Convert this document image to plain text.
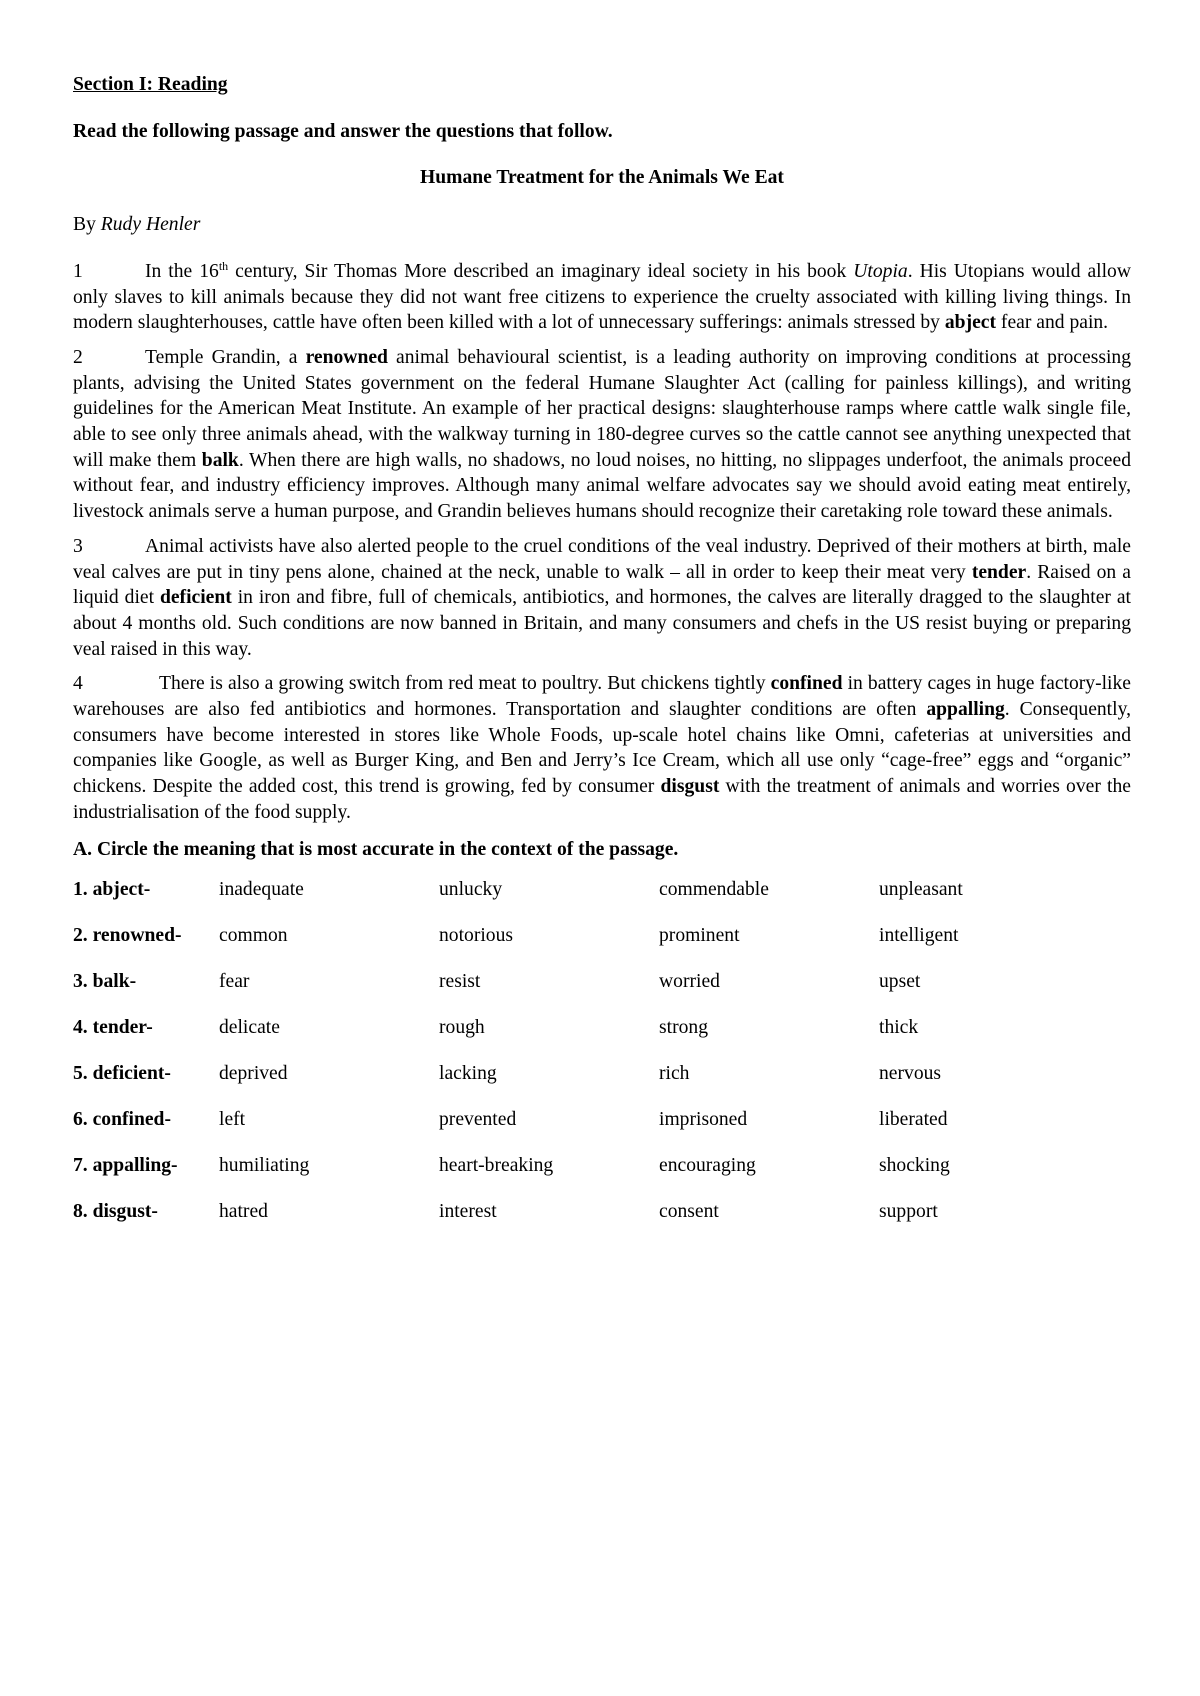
Section I: Reading
Read the following passage and answer the questions that follow.
Humane Treatment for the Animals We Eat
By Rudy Henler

1	In the 16th century, Sir Thomas More described an imaginary ideal society in his book Utopia. His Utopians would allow only slaves to kill animals because they did not want free citizens to experience the cruelty associated with killing living things. In modern slaughterhouses, cattle have often been killed with a lot of unnecessary sufferings: animals stressed by abject fear and pain.

2	Temple Grandin, a renowned animal behavioural scientist, is a leading authority on improving conditions at processing plants, advising the United States government on the federal Humane Slaughter Act (calling for painless killings), and writing guidelines for the American Meat Institute. An example of her practical designs: slaughterhouse ramps where cattle walk single file, able to see only three animals ahead, with the walkway turning in 180-degree curves so the cattle cannot see anything unexpected that will make them balk. When there are high walls, no shadows, no loud noises, no hitting, no slippages underfoot, the animals proceed without fear, and industry efficiency improves. Although many animal welfare advocates say we should avoid eating meat entirely, livestock animals serve a human purpose, and Grandin believes humans should recognize their caretaking role toward these animals.

3	Animal activists have also alerted people to the cruel conditions of the veal industry. Deprived of their mothers at birth, male veal calves are put in tiny pens alone, chained at the neck, unable to walk – all in order to keep their meat very tender. Raised on a liquid diet deficient in iron and fibre, full of chemicals, antibiotics, and hormones, the calves are literally dragged to the slaughter at about 4 months old. Such conditions are now banned in Britain, and many consumers and chefs in the US resist buying or preparing veal raised in this way.

4	There is also a growing switch from red meat to poultry. But chickens tightly confined in battery cages in huge factory-like warehouses are also fed antibiotics and hormones. Transportation and slaughter conditions are often appalling. Consequently, consumers have become interested in stores like Whole Foods, up-scale hotel chains like Omni, cafeterias at universities and companies like Google, as well as Burger King, and Ben and Jerry’s Ice Cream, which all use only “cage-free” eggs and “organic” chickens. Despite the added cost, this trend is growing, fed by consumer disgust with the treatment of animals and worries over the industrialisation of the food supply.

A. Circle the meaning that is most accurate in the context of the passage.
1. abject-	inadequate	unlucky	commendable	unpleasant
2. renowned-	common	notorious	prominent	intelligent
3. balk-	fear	resist	worried	upset
4. tender-	delicate	rough	strong	thick
5. deficient-	deprived	lacking	rich	nervous
6. confined-	left	prevented	imprisoned	liberated
7. appalling-	humiliating	heart-breaking	encouraging	shocking
8. disgust-	hatred	interest	consent	support
